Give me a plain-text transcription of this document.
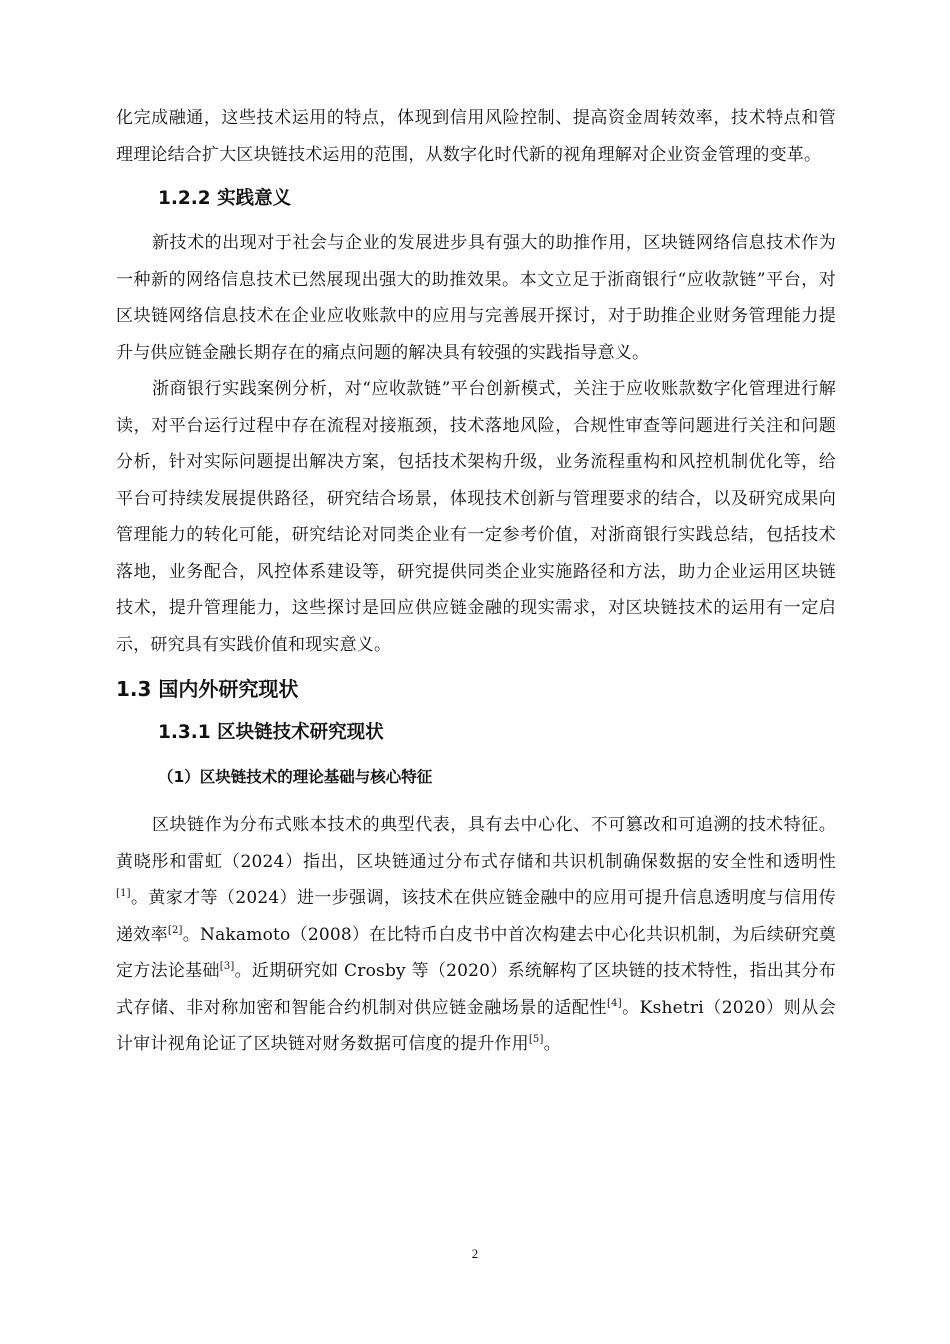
化完成融通，这些技术运用的特点，体现到信用风险控制、提高资金周转效率，技术特点和管理理论结合扩大区块链技术运用的范围，从数字化时代新的视角理解对企业资金管理的变革。

1.2.2 实践意义

新技术的出现对于社会与企业的发展进步具有强大的助推作用，区块链网络信息技术作为一种新的网络信息技术已然展现出强大的助推效果。本文立足于浙商银行“应收款链”平台，对区块链网络信息技术在企业应收账款中的应用与完善展开探讨，对于助推企业财务管理能力提升与供应链金融长期存在的痛点问题的解决具有较强的实践指导意义。

浙商银行实践案例分析，对“应收款链”平台创新模式，关注于应收账款数字化管理进行解读，对平台运行过程中存在流程对接瓶颈，技术落地风险，合规性审查等问题进行关注和问题分析，针对实际问题提出解决方案，包括技术架构升级，业务流程重构和风控机制优化等，给平台可持续发展提供路径，研究结合场景，体现技术创新与管理要求的结合，以及研究成果向管理能力的转化可能，研究结论对同类企业有一定参考价值，对浙商银行实践总结，包括技术落地，业务配合，风控体系建设等，研究提供同类企业实施路径和方法，助力企业运用区块链技术，提升管理能力，这些探讨是回应供应链金融的现实需求，对区块链技术的运用有一定启示，研究具有实践价值和现实意义。

1.3 国内外研究现状
1.3.1 区块链技术研究现状
（1）区块链技术的理论基础与核心特征

区块链作为分布式账本技术的典型代表，具有去中心化、不可篡改和可追溯的技术特征。黄晓彤和雷虹（2024）指出，区块链通过分布式存储和共识机制确保数据的安全性和透明性[1]。黄家才等（2024）进一步强调，该技术在供应链金融中的应用可提升信息透明度与信用传递效率[2]。Nakamoto（2008）在比特币白皮书中首次构建去中心化共识机制，为后续研究奠定方法论基础[3]。近期研究如 Crosby 等（2020）系统解构了区块链的技术特性，指出其分布式存储、非对称加密和智能合约机制对供应链金融场景的适配性[4]。Kshetri（2020）则从会计审计视角论证了区块链对财务数据可信度的提升作用[5]。

2
